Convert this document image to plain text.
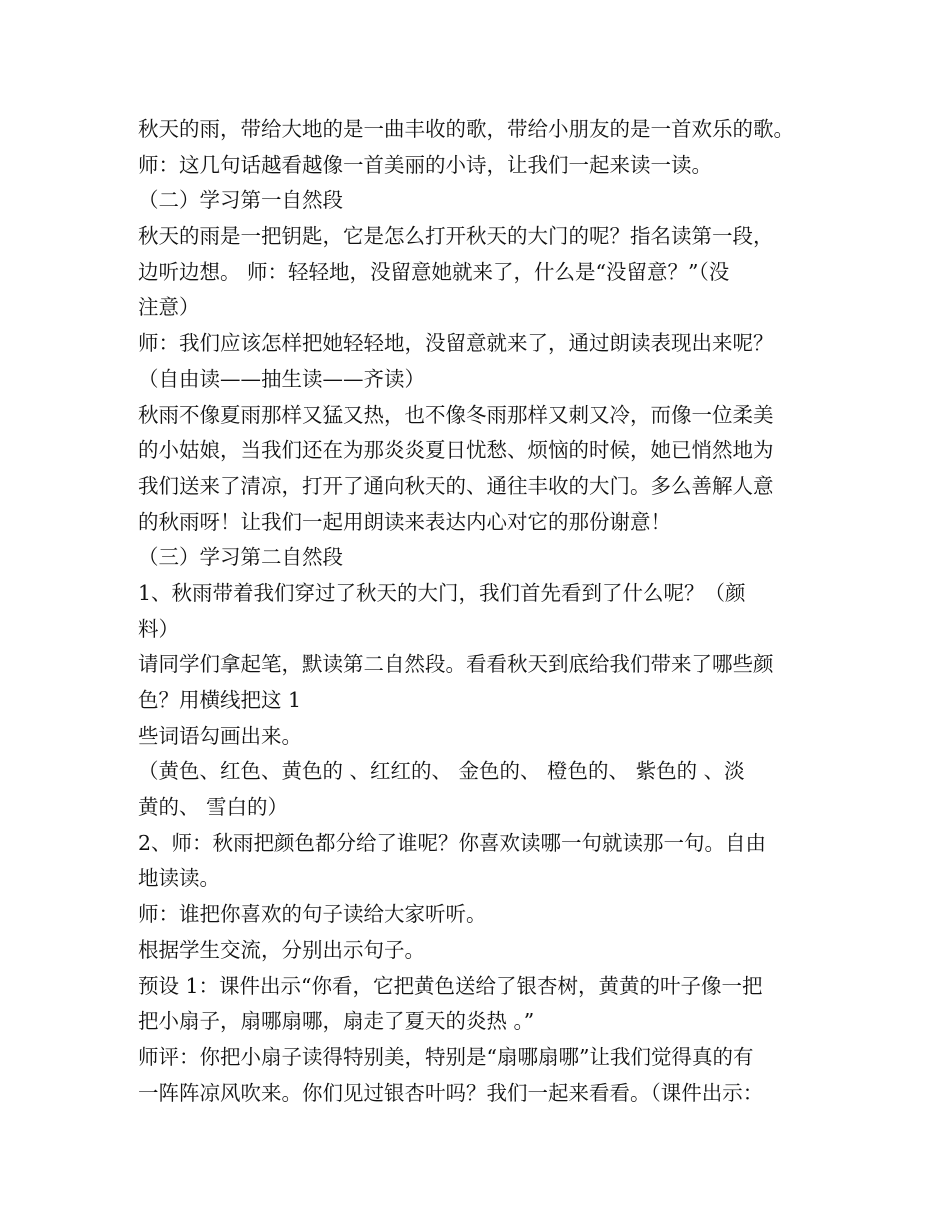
秋天的雨，带给大地的是一曲丰收的歌，带给小朋友的是一首欢乐的歌。
师：这几句话越看越像一首美丽的小诗，让我们一起来读一读。
（二）学习第一自然段
秋天的雨是一把钥匙，它是怎么打开秋天的大门的呢？指名读第一段，
边听边想。 师：轻轻地，没留意她就来了，什么是“没留意？”（没
注意）
师：我们应该怎样把她轻轻地，没留意就来了，通过朗读表现出来呢？
（自由读——抽生读——齐读）
秋雨不像夏雨那样又猛又热，也不像冬雨那样又刺又冷，而像一位柔美
的小姑娘，当我们还在为那炎炎夏日忧愁、烦恼的时候，她已悄然地为
我们送来了清凉，打开了通向秋天的、通往丰收的大门。多么善解人意
的秋雨呀！让我们一起用朗读来表达内心对它的那份谢意！
（三）学习第二自然段
1、秋雨带着我们穿过了秋天的大门，我们首先看到了什么呢？（颜
料）
请同学们拿起笔，默读第二自然段。看看秋天到底给我们带来了哪些颜
色？用横线把这 1
些词语勾画出来。
（黄色、红色、黄色的 、红红的、 金色的、 橙色的、 紫色的 、淡
黄的、 雪白的）
2、师：秋雨把颜色都分给了谁呢？你喜欢读哪一句就读那一句。自由
地读读。
师：谁把你喜欢的句子读给大家听听。
根据学生交流，分别出示句子。
预设 1：课件出示“你看，它把黄色送给了银杏树，黄黄的叶子像一把
把小扇子，扇哪扇哪，扇走了夏天的炎热 。”
师评：你把小扇子读得特别美，特别是“扇哪扇哪”让我们觉得真的有
一阵阵凉风吹来。你们见过银杏叶吗？我们一起来看看。（课件出示：
